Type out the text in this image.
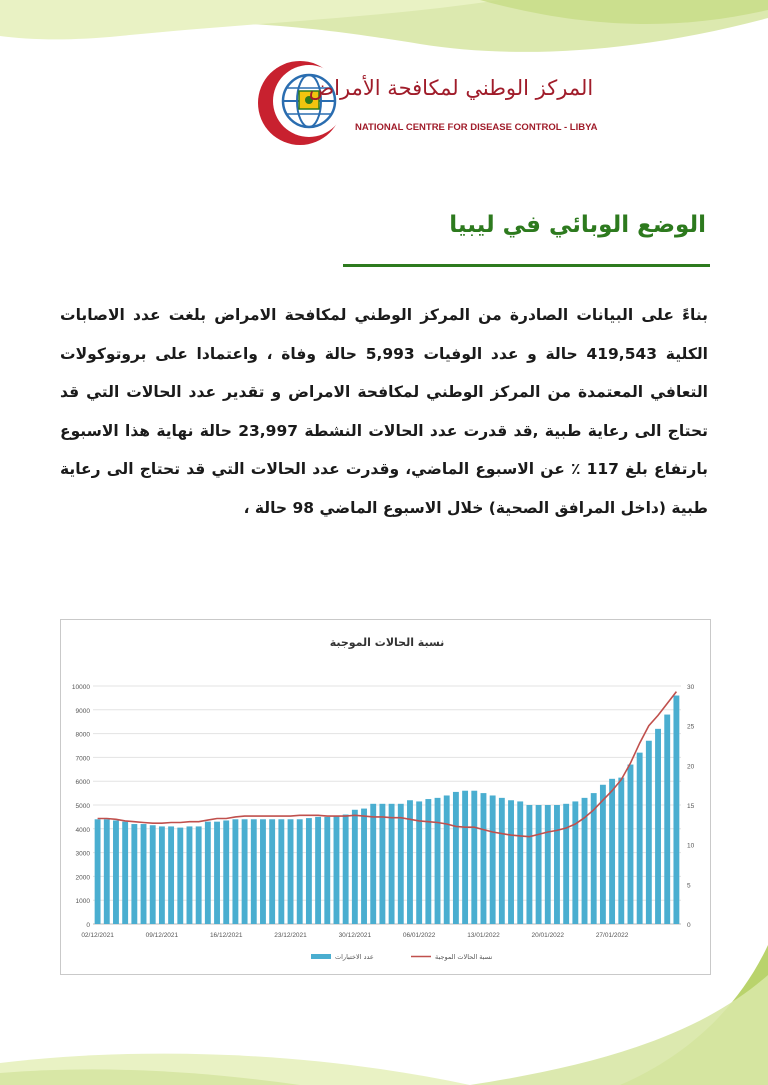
المركز الوطني لمكافحة الأمراض
NATIONAL CENTRE FOR DISEASE CONTROL - LIBYA
الوضع الوبائي في ليبيا
بناءً على البيانات الصادرة من المركز الوطني لمكافحة الامراض بلغت عدد الاصابات الكلية 419,543 حالة و عدد الوفيات 5,993 حالة وفاة ، واعتمادا على بروتوكولات التعافي المعتمدة من المركز الوطني لمكافحة الامراض و تقدير عدد الحالات التي قد تحتاج الى رعاية طبية ,قد قدرت عدد الحالات النشطة 23,997 حالة نهاية هذا الاسبوع بارتفاع بلغ 117 ٪ عن الاسبوع الماضي، وقدرت عدد الحالات التي قد تحتاج الى رعاية طبية (داخل المرافق الصحية) خلال الاسبوع الماضي 98 حالة ،
نسبة الحالات الموجبة
0
1000
2000
3000
4000
5000
6000
7000
8000
9000
10000
0
5
10
15
20
25
30
02/12/2021	09/12/2021	16/12/2021	23/12/2021	30/12/2021	06/01/2022	13/01/2022	20/01/2022	27/01/2022
عدد الاختبارات	نسبة الحالات الموجبة
